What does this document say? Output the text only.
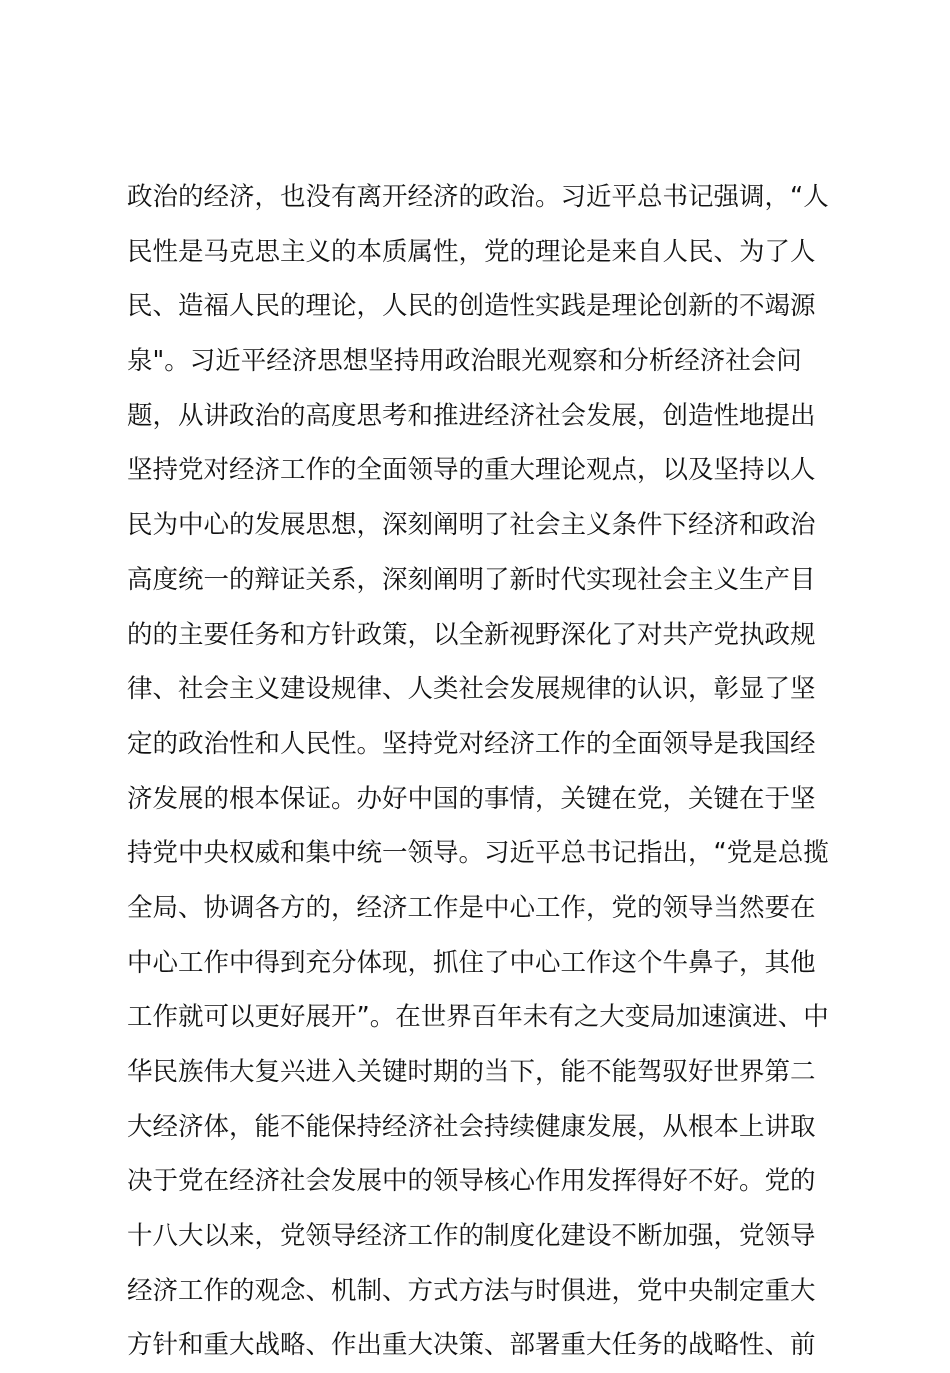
政治的经济，也没有离开经济的政治。习近平总书记强调，“人
民性是马克思主义的本质属性，党的理论是来自人民、为了人
民、造福人民的理论，人民的创造性实践是理论创新的不竭源
泉"。习近平经济思想坚持用政治眼光观察和分析经济社会问
题，从讲政治的高度思考和推进经济社会发展，创造性地提出
坚持党对经济工作的全面领导的重大理论观点，以及坚持以人
民为中心的发展思想，深刻阐明了社会主义条件下经济和政治
高度统一的辩证关系，深刻阐明了新时代实现社会主义生产目
的的主要任务和方针政策，以全新视野深化了对共产党执政规
律、社会主义建设规律、人类社会发展规律的认识，彰显了坚
定的政治性和人民性。坚持党对经济工作的全面领导是我国经
济发展的根本保证。办好中国的事情，关键在党，关键在于坚
持党中央权威和集中统一领导。习近平总书记指出，“党是总揽
全局、协调各方的，经济工作是中心工作，党的领导当然要在
中心工作中得到充分体现，抓住了中心工作这个牛鼻子，其他
工作就可以更好展开”。在世界百年未有之大变局加速演进、中
华民族伟大复兴进入关键时期的当下，能不能驾驭好世界第二
大经济体，能不能保持经济社会持续健康发展，从根本上讲取
决于党在经济社会发展中的领导核心作用发挥得好不好。党的
十八大以来，党领导经济工作的制度化建设不断加强，党领导
经济工作的观念、机制、方式方法与时俱进，党中央制定重大
方针和重大战略、作出重大决策、部署重大任务的战略性、前
